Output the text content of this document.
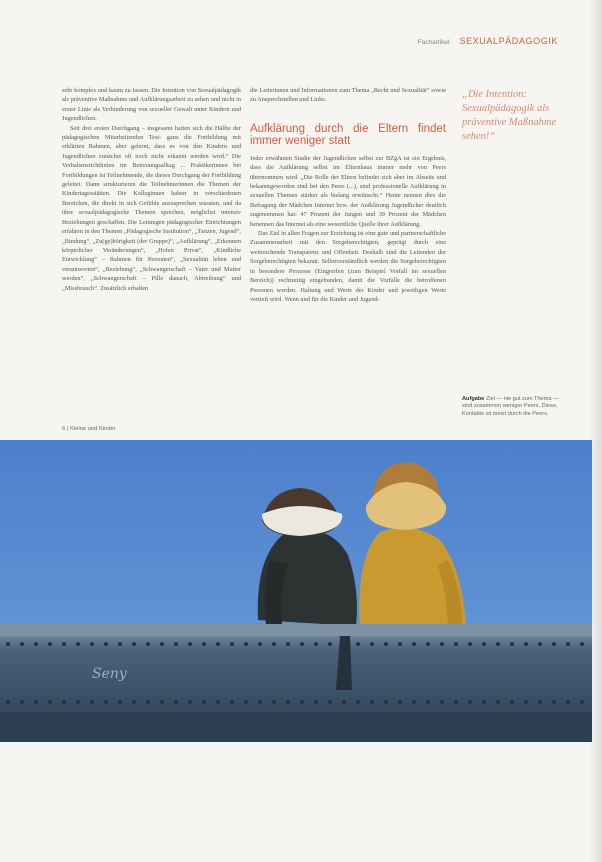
Fachartikel SEXUALPÄDAGOGIK

sehr komplex und kaum zu fassen. Die Intention von Sexualpädagogik als präventive Maßnahme und Aufklärungsarbeit zu sehen und nicht in erster Linie als Verhinderung von sexueller Gewalt unter Kindern und Jugendlichen.

Seit drei ersten Durchgang – insgesamt hatten sich die Hälfte der pädagogischen Mitarbeitenden Test- ganz die Fortbildung mit erklärten Rahmen, aber gelernt, dass es von den Kindern und Jugendlichen zunächst oft noch nicht erkannt werden wird.“ Die Verhaltensrichtlinien im Betreuungsalltag ... Praktikerinnen bei Fortbildungen ist Teilnehmende, die dieses Durchgang der Fortbildung geleitet. Dann strukturieren die Teilnehmerinnen die Themen der Kindertagesstätten. Die Kolleginnen haben in verschiedenen Bereichen, die direkt in sich Gefühle anzusprechen wussten, und da über sexualpädagogische Themen sprechen, möglichst intensiv Beziehungen geschaffen. Die Leitungen pädagogischer Einrichtungen erfahren in den Themen „Pädagogische Institution“, „Tanzen, Jugend“, „Bindung“, „Zu(ge)hörigkeit (der Gruppe)“, „Aufklärung“, „Erkennen körperlicher Veränderungen“, „Hofen Privat“, „Kindliche Entwicklung“ – Rahmen für Personen“, „Sexualität leben und verantworten“, „Beziehung“, „Schwangerschaft – Vater und Mutter werden“, „Schwangerschaft – Pille danach, Abtreibung“ und „Missbrauch“. Zusätzlich erhalten

die Leiterinnen und Informationen zum Thema „Recht und Sexualität“ sowie zu Ansprechstellen und Links.

Aufklärung durch die Eltern findet immer weniger statt

Jeder erwähnten Studie der Jugendlichen selbst zur BZgA ist ein Ergebnis, dass die Aufklärung selbst im Elternhaus immer mehr von Peers übernommen wird. „Die Rolle der Eltern befindet sich aber im Abseits und bekanntgeworden sind bei den Peers (...), sind professionelle Aufklärung in sexuellen Themen stärker als bislang erwünscht.“ Heute nennen dies die Befragung der Mädchen Internet bzw. der Aufklärung Jugendlicher deutlich zugenommen hat: 47 Prozent der Jungen und 39 Prozent der Mädchen benennen das Internet als eine wesentliche Quelle ihrer Aufklärung.

Das Ziel in allen Fragen zur Erziehung ist eine gute und partnerschaftliche Zusammenarbeit mit den Sorgeberechtigten, geprägt durch eine weitreichende Transparenz und Offenheit. Deshalb sind die Leitenden der Sorgeberechtigten bekannt. Selbstverständlich werden die Sorgeberechtigten in besondere Prozesse (Eingreifen (zum Beispiel Vorfall im sexuellen Bereich)) rechtzeitig eingebunden, damit die Vorfälle die betroffenen Personen werden. Haltung und Werte der Kinder und jeweiligen Werte vertieft wird. Wenn und für die Kinder und Jugend-

„Die Intention: Sexualpädagogik als präventive Maßnahme sehen!“
Aufgabe Ziel — nie gut zum Thema — sind zusammen weniger Peers. Diese, Kontakte ist meist durch die Peers.
6 | Kleine und Kinder
Seny
